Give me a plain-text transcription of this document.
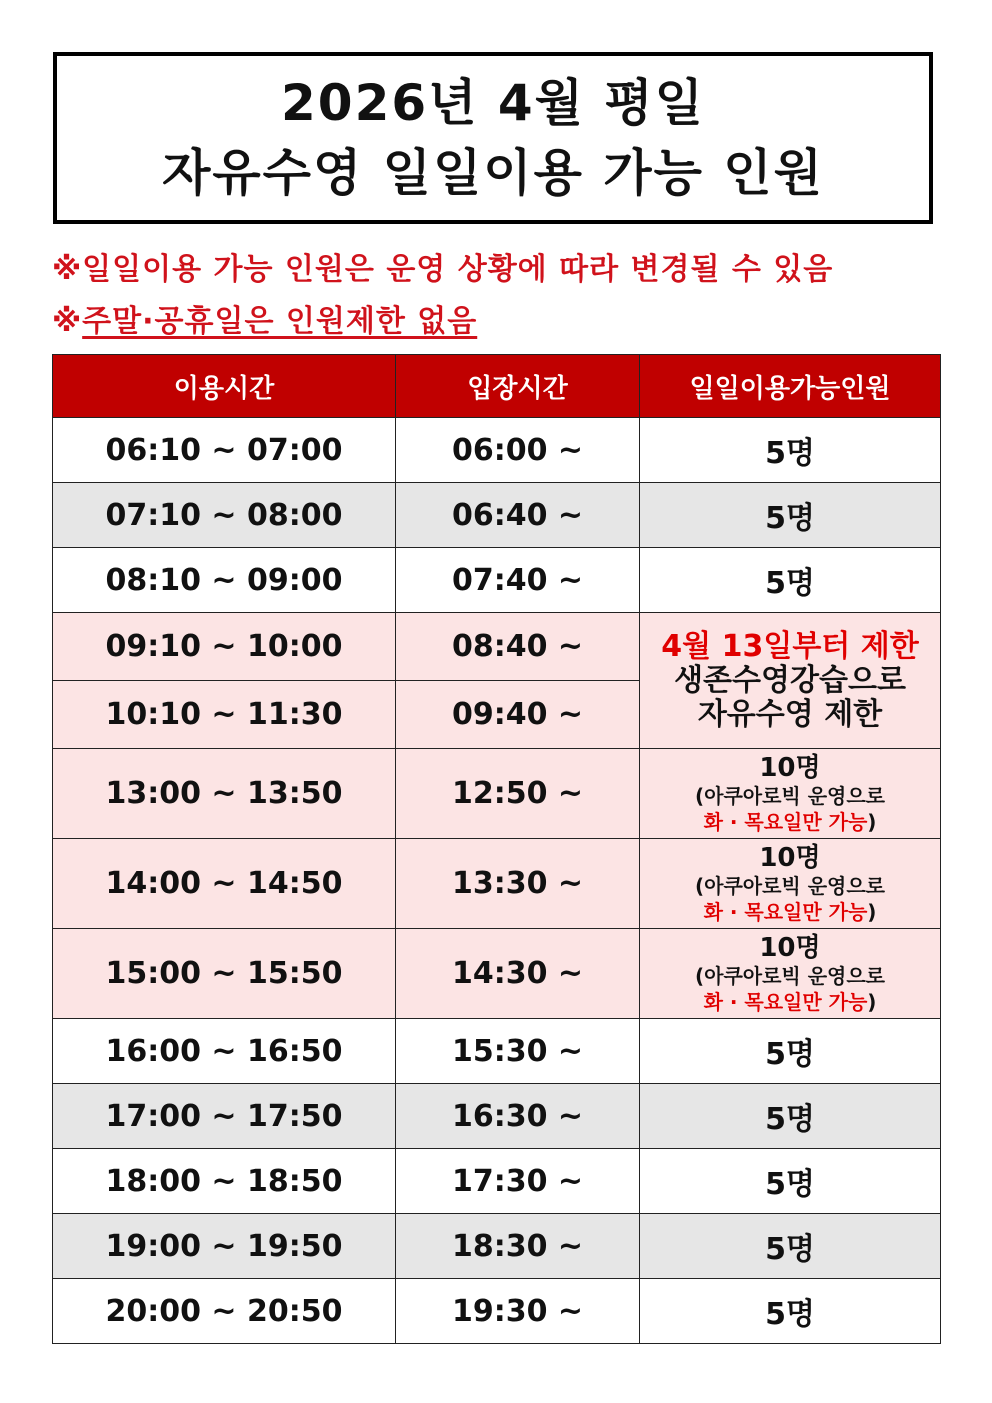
2026년 4월 평일
자유수영 일일이용 가능 인원
※일일이용 가능 인원은 운영 상황에 따라 변경될 수 있음
※주말·공휴일은 인원제한 없음
이용시간	입장시간	일일이용가능인원
06:10 ~ 07:00	06:00 ~	5명
07:10 ~ 08:00	06:40 ~	5명
08:10 ~ 09:00	07:40 ~	5명
09:10 ~ 10:00	08:40 ~	4월 13일부터 제한
생존수영강습으로
자유수영 제한

10:10 ~ 11:30	09:40 ~	
13:00 ~ 13:50	12:50 ~	10명
(아쿠아로빅 운영으로
화 · 목요일만 가능)

14:00 ~ 14:50	13:30 ~	10명
(아쿠아로빅 운영으로
화 · 목요일만 가능)

15:00 ~ 15:50	14:30 ~	10명
(아쿠아로빅 운영으로
화 · 목요일만 가능)

16:00 ~ 16:50	15:30 ~	5명
17:00 ~ 17:50	16:30 ~	5명
18:00 ~ 18:50	17:30 ~	5명
19:00 ~ 19:50	18:30 ~	5명
20:00 ~ 20:50	19:30 ~	5명
